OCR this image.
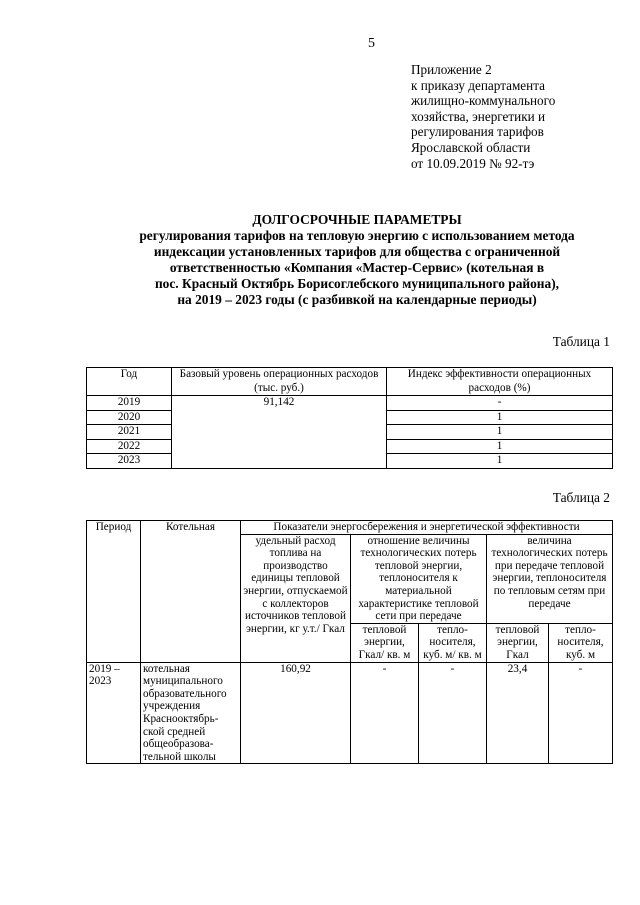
5
Приложение 2
к приказу департамента
жилищно-коммунального
хозяйства, энергетики и
регулирования тарифов
Ярославской области
от 10.09.2019 № 92-тэ
ДОЛГОСРОЧНЫЕ ПАРАМЕТРЫ
регулирования тарифов на тепловую энергию с использованием метода
индексации установленных тарифов для общества с ограниченной
ответственностью «Компания «Мастер-Сервис» (котельная в
пос. Красный Октябрь Борисоглебского муниципального района),
на 2019 – 2023 годы (с разбивкой на календарные периоды)
Таблица 1
Год	Базовый уровень операционных расходов (тыс. руб.)	Индекс эффективности операционных расходов (%)
2019	91,142	-
2020		1
2021		1
2022		1
2023		1
Таблица 2
Период	Котельная	Показатели энергосбережения и энергетической эффективности				
		удельный расход топлива на производство единицы тепловой энергии, отпускаемой с коллекторов источников тепловой энергии, кг у.т./ Гкал	отношение величины технологических потерь тепловой энергии, теплоносителя к материальной характеристике тепловой сети при передаче		величина технологических потерь при передаче тепловой энергии, теплоносителя по тепловым сетям при передаче	
			тепловой энергии, Гкал/ кв. м	тепло-носителя, куб. м/ кв. м	тепловой энергии, Гкал	тепло-носителя, куб. м
2019 – 2023	котельная муниципального образовательного учреждения Краснооктябрь-ской средней общеобразова-тельной школы	160,92	-	-	23,4	-
